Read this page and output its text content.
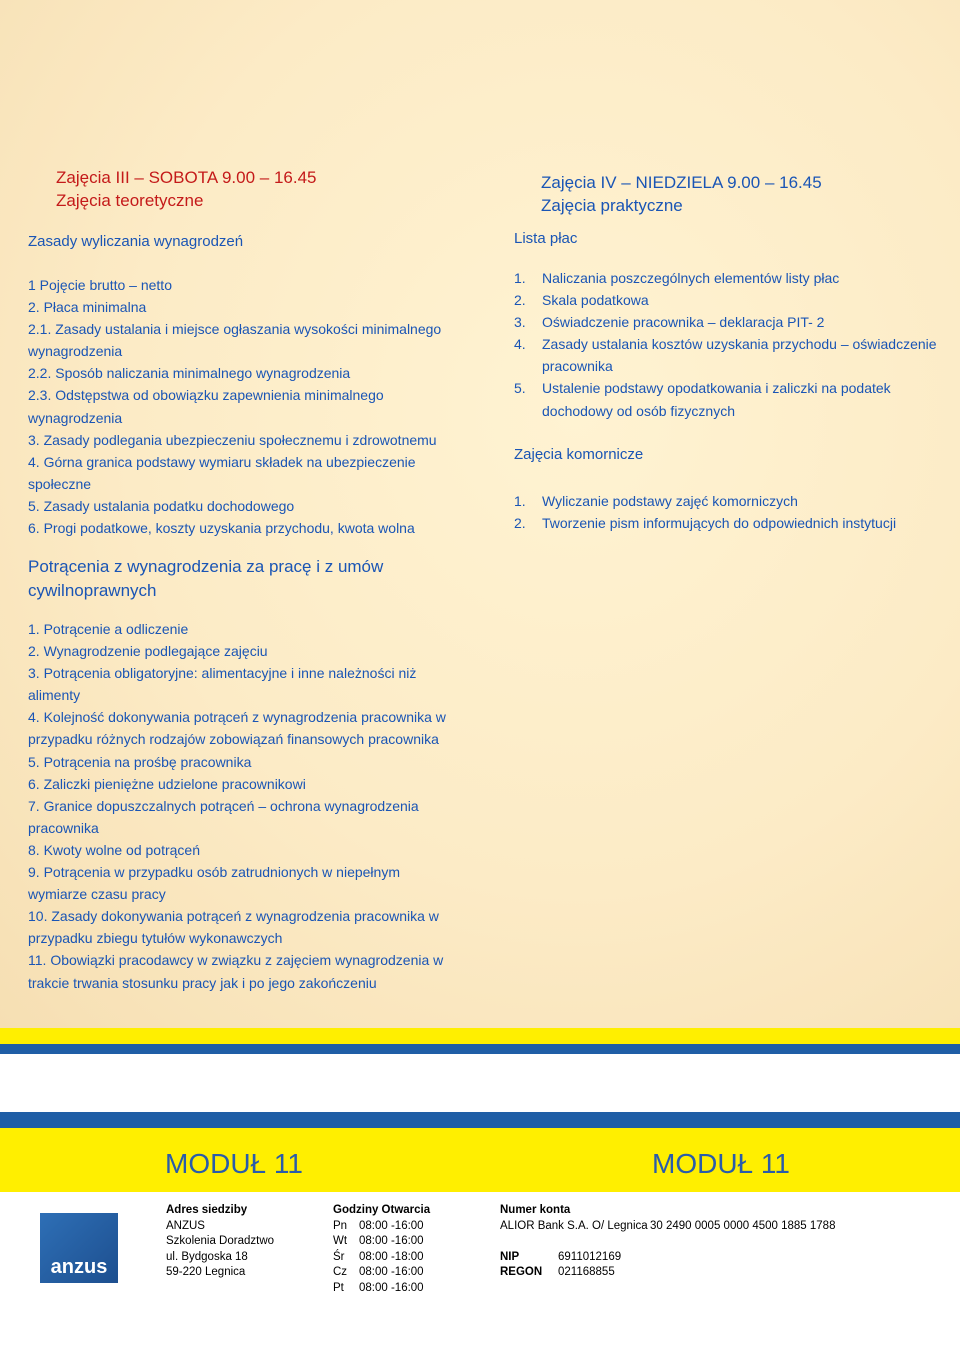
Zajęcia III – SOBOTA 9.00 – 16.45
Zajęcia teoretyczne
Zasady wyliczania wynagrodzeń
1 Pojęcie brutto – netto
2. Płaca minimalna
2.1. Zasady ustalania i miejsce ogłaszania wysokości minimalnego wynagrodzenia
2.2. Sposób naliczania minimalnego wynagrodzenia
2.3. Odstępstwa od obowiązku zapewnienia minimalnego wynagrodzenia
3. Zasady podlegania ubezpieczeniu społecznemu i zdrowotnemu
4. Górna granica podstawy wymiaru składek na ubezpieczenie społeczne
5. Zasady ustalania podatku dochodowego
6. Progi podatkowe, koszty uzyskania przychodu, kwota wolna
Potrącenia z wynagrodzenia za pracę i z umów cywilnoprawnych
1. Potrącenie a odliczenie
2. Wynagrodzenie podlegające zajęciu
3. Potrącenia obligatoryjne: alimentacyjne i inne należności niż alimenty
4. Kolejność dokonywania potrąceń z wynagrodzenia pracownika w przypadku różnych rodzajów zobowiązań finansowych pracownika
5. Potrącenia na prośbę pracownika
6. Zaliczki pieniężne udzielone pracownikowi
7. Granice dopuszczalnych potrąceń – ochrona wynagrodzenia pracownika
8. Kwoty wolne od potrąceń
9. Potrącenia w przypadku osób zatrudnionych w niepełnym wymiarze czasu pracy
10. Zasady dokonywania potrąceń z wynagrodzenia pracownika w przypadku zbiegu tytułów wykonawczych
11. Obowiązki pracodawcy w związku z zajęciem wynagrodzenia w trakcie trwania stosunku pracy jak i po jego zakończeniu
Zajęcia IV – NIEDZIELA 9.00 – 16.45
Zajęcia praktyczne
Lista płac
1.	Naliczania poszczególnych elementów listy płac
2.	Skala podatkowa
3.	Oświadczenie pracownika – deklaracja PIT- 2
4.	Zasady ustalania kosztów uzyskania przychodu – oświadczenie pracownika
5.	Ustalenie podstawy opodatkowania i zaliczki na podatek dochodowy od osób fizycznych
Zajęcia komornicze
1.	Wyliczanie podstawy zajęć komorniczych
2.	Tworzenie pism informujących do odpowiednich instytucji
MODUŁ 11	MODUŁ 11
anzus
Adres siedziby
ANZUS
Szkolenia Doradztwo
ul. Bydgoska 18
59-220 Legnica
Godziny Otwarcia
Pn	08:00 -16:00
Wt	08:00 -16:00
Śr	08:00 -18:00
Cz	08:00 -16:00
Pt	08:00 -16:00
Numer konta
ALIOR Bank S.A. O/ Legnica 30 2490 0005 0000 4500 1885 1788
NIP	6911012169
REGON	021168855
